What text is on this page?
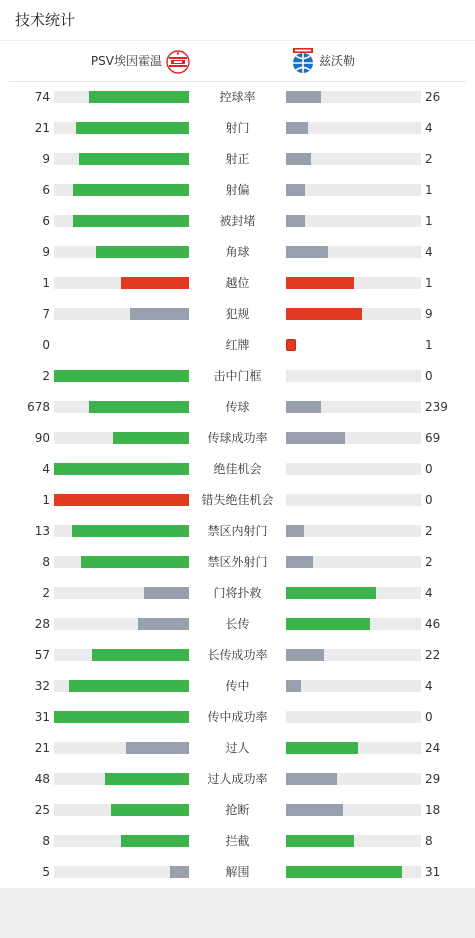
技术统计
PSV埃因霍温	兹沃勒
74	控球率	26
21	射门	4
9	射正	2
6	射偏	1
6	被封堵	1
9	角球	4
1	越位	1
7	犯规	9
0	红牌	1
2	击中门框	0
678	传球	239
90	传球成功率	69
4	绝佳机会	0
1	错失绝佳机会	0
13	禁区内射门	2
8	禁区外射门	2
2	门将扑救	4
28	长传	46
57	长传成功率	22
32	传中	4
31	传中成功率	0
21	过人	24
48	过人成功率	29
25	抢断	18
8	拦截	8
5	解围	31
